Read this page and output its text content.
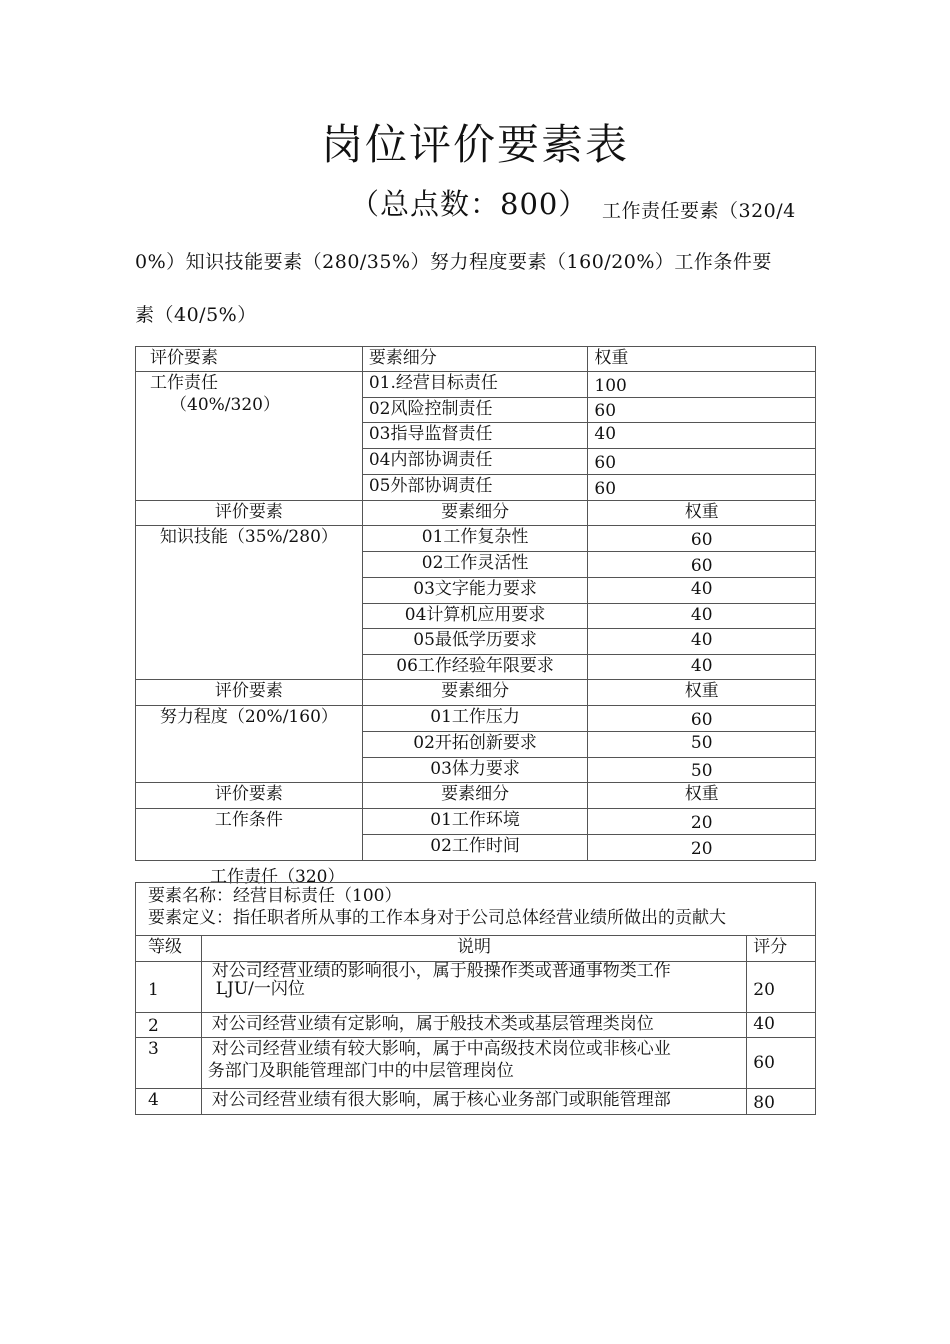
岗位评价要素表
（总点数：800） 工作责任要素（320/4
0%）知识技能要素（280/35%）努力程度要素（160/20%）工作条件要
素（40/5%）
评价要素	要素细分	权重

工作责任
（40%/320）	01.经营目标责任	100
	02风险控制责任	60
	03指导监督责任	40
	04内部协调责任	60
	05外部协调责任	60
评价要素	要素细分	权重
知识技能（35%/280）	01工作复杂性	60
	02工作灵活性	60
	03文字能力要求	40
	04计算机应用要求	40
	05最低学历要求	40
	06工作经验年限要求	40
评价要素	要素细分	权重
努力程度（20%/160）	01工作压力	60
	02开拓创新要求	50
	03体力要求	50
评价要素	要素细分	权重
工作条件	01工作环境	20
	02工作时间	20
工作责任（320）
要素名称：经营目标责任（100）
要素定义：指任职者所从事的工作本身对于公司总体经营业绩所做出的贡献大		

等级	说明	评分
1	对公司经营业绩的影响很小，属于般操作类或普通事物类工作
LJU/一闪位	20
2	对公司经营业绩有定影响，属于般技术类或基层管理类岗位	40
3	对公司经营业绩有较大影响，属于中高级技术岗位或非核心业
务部门及职能管理部门中的中层管理岗位	60
4	对公司经营业绩有很大影响，属于核心业务部门或职能管理部	80
